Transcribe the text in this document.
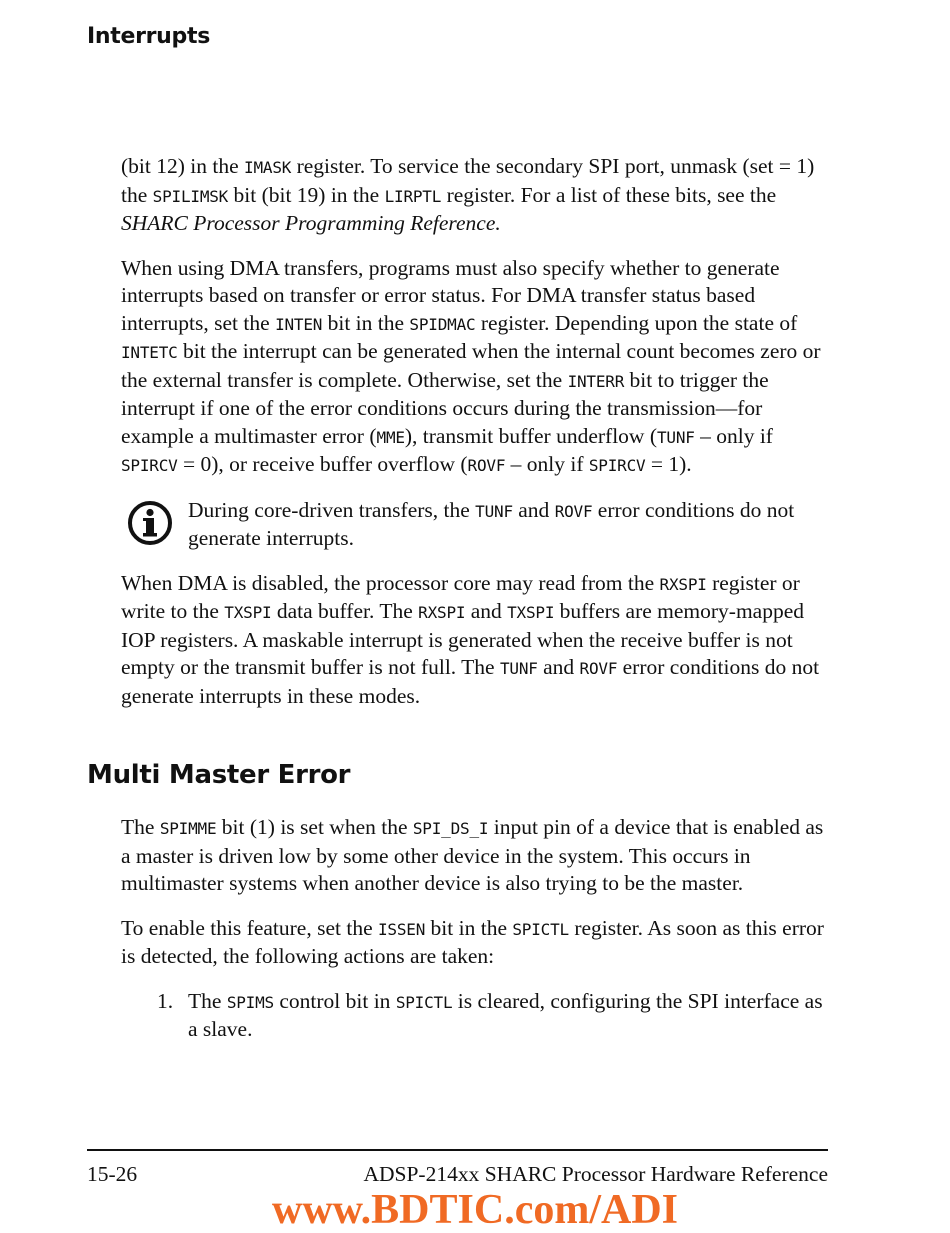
Interrupts

(bit 12) in the IMASK register. To service the secondary SPI port, unmask (set = 1) the SPILIMSK bit (bit 19) in the LIRPTL register. For a list of these bits, see the SHARC Processor Programming Reference.

When using DMA transfers, programs must also specify whether to generate interrupts based on transfer or error status. For DMA transfer status based interrupts, set the INTEN bit in the SPIDMAC register. Depending upon the state of INTETC bit the interrupt can be generated when the internal count becomes zero or the external transfer is complete. Otherwise, set the INTERR bit to trigger the interrupt if one of the error conditions occurs during the transmission—for example a multimaster error (MME), transmit buffer underflow (TUNF – only if SPIRCV = 0), or receive buffer overflow (ROVF – only if SPIRCV = 1).

During core-driven transfers, the TUNF and ROVF error conditions do not generate interrupts.

When DMA is disabled, the processor core may read from the RXSPI register or write to the TXSPI data buffer. The RXSPI and TXSPI buffers are memory-mapped IOP registers. A maskable interrupt is generated when the receive buffer is not empty or the transmit buffer is not full. The TUNF and ROVF error conditions do not generate interrupts in these modes.

Multi Master Error

The SPIMME bit (1) is set when the SPI_DS_I input pin of a device that is enabled as a master is driven low by some other device in the system. This occurs in multimaster systems when another device is also trying to be the master.

To enable this feature, set the ISSEN bit in the SPICTL register. As soon as this error is detected, the following actions are taken:

1. The SPIMS control bit in SPICTL is cleared, configuring the SPI interface as a slave.
15-26	ADSP-214xx SHARC Processor Hardware Reference
www.BDTIC.com/ADI
